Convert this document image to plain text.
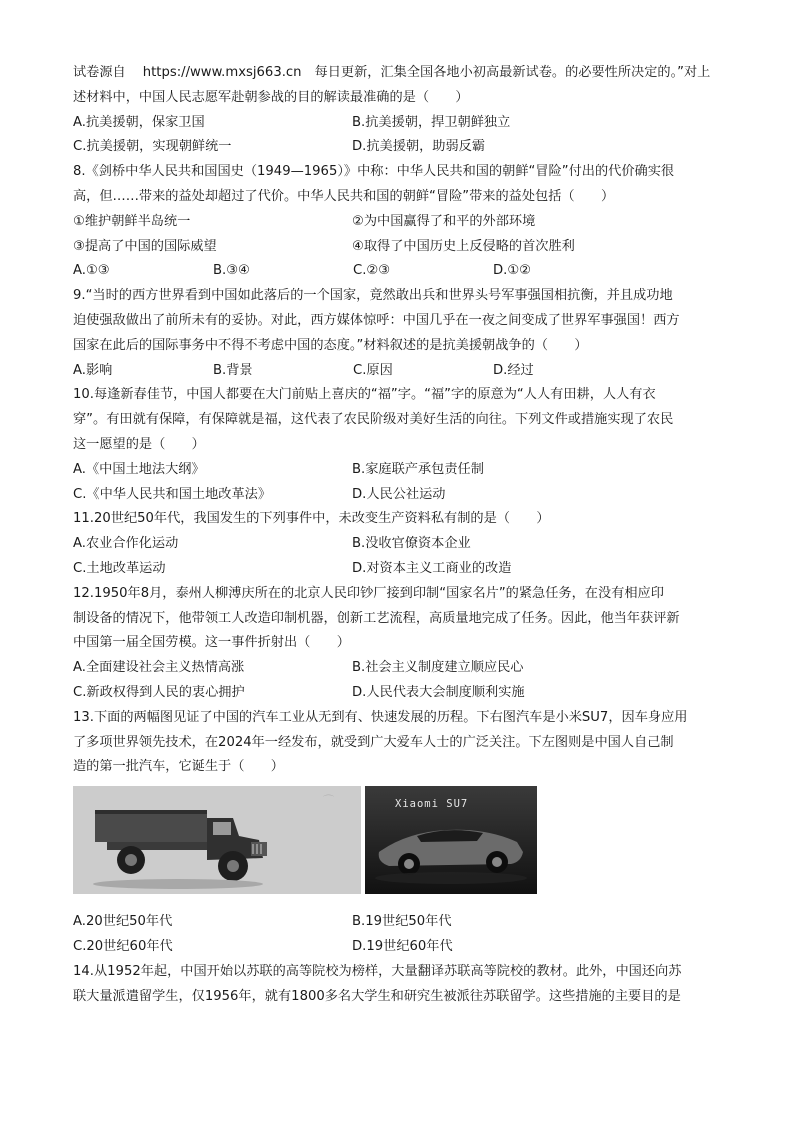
试卷源自 https://www.mxsj663.cn 每日更新，汇集全国各地小初高最新试卷。的必要性所决定的。”对上
述材料中，中国人民志愿军赴朝参战的目的解读最准确的是（　　）
A.抗美援朝，保家卫国	B.抗美援朝，捍卫朝鲜独立
C.抗美援朝，实现朝鲜统一	D.抗美援朝，助弱反霸
8.《剑桥中华人民共和国国史（1949—1965）》中称：中华人民共和国的朝鲜“冒险”付出的代价确实很
高，但……带来的益处却超过了代价。中华人民共和国的朝鲜“冒险”带来的益处包括（　　）
①维护朝鲜半岛统一	②为中国赢得了和平的外部环境
③提高了中国的国际威望	④取得了中国历史上反侵略的首次胜利
A.①③	B.③④	C.②③	D.①②
9.“当时的西方世界看到中国如此落后的一个国家，竟然敢出兵和世界头号军事强国相抗衡，并且成功地
迫使强敌做出了前所未有的妥协。对此，西方媒体惊呼：中国几乎在一夜之间变成了世界军事强国！西方
国家在此后的国际事务中不得不考虑中国的态度。”材料叙述的是抗美援朝战争的（　　）
A.影响	B.背景	C.原因	D.经过
10.每逢新春佳节，中国人都要在大门前贴上喜庆的“福”字。“福”字的原意为“人人有田耕，人人有衣
穿”。有田就有保障，有保障就是福，这代表了农民阶级对美好生活的向往。下列文件或措施实现了农民
这一愿望的是（　　）
A.《中国土地法大纲》	B.家庭联产承包责任制
C.《中华人民共和国土地改革法》	D.人民公社运动
11.20世纪50年代，我国发生的下列事件中，未改变生产资料私有制的是（　　）
A.农业合作化运动	B.没收官僚资本企业
C.土地改革运动	D.对资本主义工商业的改造
12.1950年8月，泰州人柳溥庆所在的北京人民印钞厂接到印制“国家名片”的紧急任务，在没有相应印
制设备的情况下，他带领工人改造印制机器，创新工艺流程，高质量地完成了任务。因此，他当年获评新
中国第一届全国劳模。这一事件折射出（　　）
A.全面建设社会主义热情高涨	B.社会主义制度建立顺应民心
C.新政权得到人民的衷心拥护	D.人民代表大会制度顺利实施
13.下面的两幅图见证了中国的汽车工业从无到有、快速发展的历程。下右图汽车是小米SU7，因车身应用
了多项世界领先技术，在2024年一经发布，就受到广大爱车人士的广泛关注。下左图则是中国人自己制
造的第一批汽车，它诞生于（　　）
⌒	Xiaomi SU7
A.20世纪50年代	B.19世纪50年代
C.20世纪60年代	D.19世纪60年代
14.从1952年起，中国开始以苏联的高等院校为榜样，大量翻译苏联高等院校的教材。此外，中国还向苏
联大量派遣留学生，仅1956年，就有1800多名大学生和研究生被派往苏联留学。这些措施的主要目的是
